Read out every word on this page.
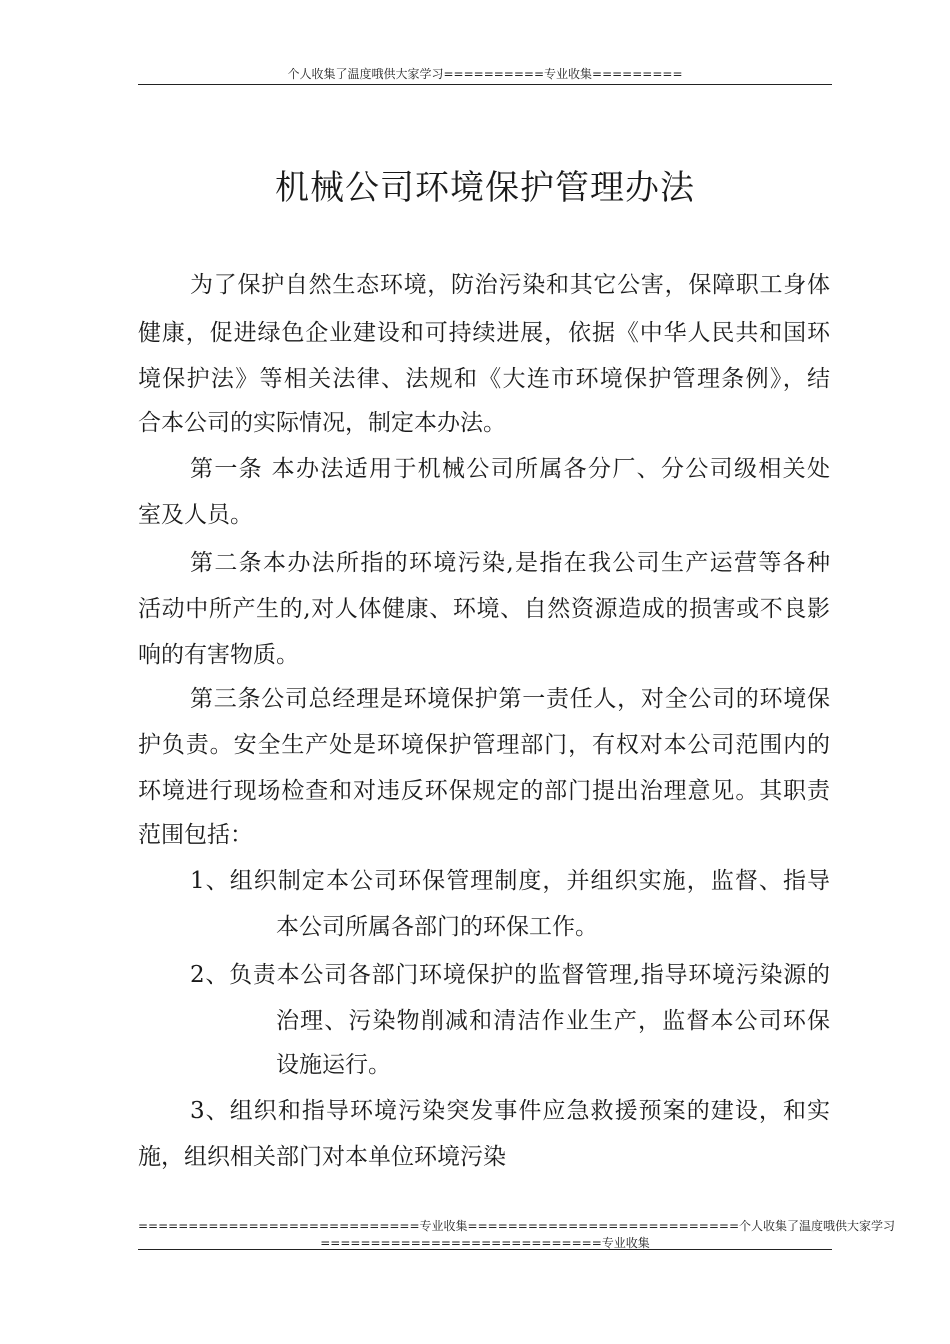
个人收集了温度哦供大家学习==========专业收集=========
机械公司环境保护管理办法
为了保护自然生态环境，防治污染和其它公害，保障职工身体
健康，促进绿色企业建设和可持续进展，依据《中华人民共和国环
境保护法》等相关法律、法规和《大连市环境保护管理条例》，结
合本公司的实际情况，制定本办法。
第一条 本办法适用于机械公司所属各分厂、分公司级相关处
室及人员。
第二条本办法所指的环境污染,是指在我公司生产运营等各种
活动中所产生的,对人体健康、环境、自然资源造成的损害或不良影
响的有害物质。
第三条公司总经理是环境保护第一责任人，对全公司的环境保
护负责。安全生产处是环境保护管理部门，有权对本公司范围内的
环境进行现场检查和对违反环保规定的部门提出治理意见。其职责
范围包括：
1、组织制定本公司环保管理制度，并组织实施，监督、指导
本公司所属各部门的环保工作。
2、负责本公司各部门环境保护的监督管理,指导环境污染源的
治理、污染物削减和清洁作业生产，监督本公司环保
设施运行。
3、组织和指导环境污染突发事件应急救援预案的建设，和实
施，组织相关部门对本单位环境污染
============================专业收集===========================个人收集了温度哦供大家学习
============================专业收集
